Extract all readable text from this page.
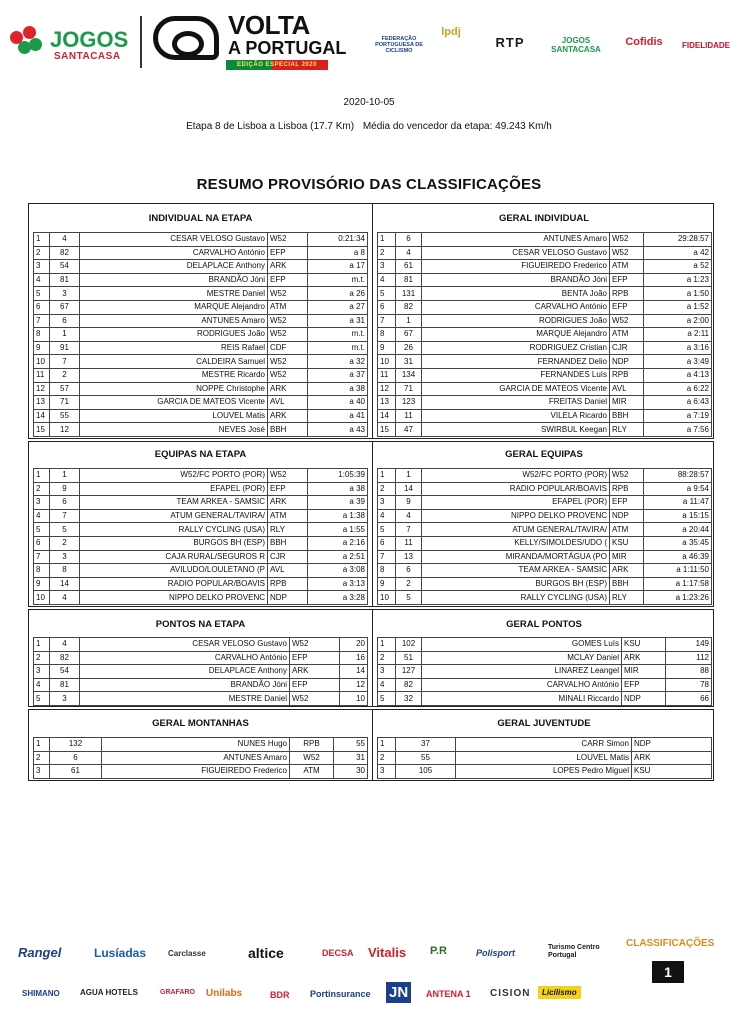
JOGOS
SANTACASA
VOLTA
A PORTUGAL
EDIÇÃO ESPECIAL 2020
FEDERAÇÃO PORTUGUESA DE CICLISMO
lpdj
RTP	JOGOS SANTACASA
Cofidis	FIDELIDADE
2020-10-05
Etapa 8 de Lisboa a Lisboa (17.7 Km) Média do vencedor da etapa: 49.243 Km/h
RESUMO PROVISÓRIO DAS CLASSIFICAÇÕES
INDIVIDUAL NA ETAPA
1	4	CESAR VELOSO Gustavo	W52	0:21:34
2	82	CARVALHO António	EFP	a 8
3	54	DELAPLACE Anthony	ARK	a 17
4	81	BRANDÃO Jóni	EFP	m.t.
5	3	MESTRE Daniel	W52	a 26
6	67	MARQUE Alejandro	ATM	a 27
7	6	ANTUNES Amaro	W52	a 31
8	1	RODRIGUES João	W52	m.t.
9	91	REIS Rafael	CDF	m.t.
10	7	CALDEIRA Samuel	W52	a 32
11	2	MESTRE Ricardo	W52	a 37
12	57	NOPPE Christophe	ARK	a 38
13	71	GARCIA DE MATEOS Vicente	AVL	a 40
14	55	LOUVEL Matis	ARK	a 41
15	12	NEVES José	BBH	a 43
GERAL INDIVIDUAL
1	6	ANTUNES Amaro	W52	29:28:57
2	4	CESAR VELOSO Gustavo	W52	a 42
3	61	FIGUEIREDO Frederico	ATM	a 52
4	81	BRANDÃO Jóni	EFP	a 1:23
5	131	BENTA João	RPB	a 1:50
6	82	CARVALHO António	EFP	a 1:52
7	1	RODRIGUES João	W52	a 2:00
8	67	MARQUE Alejandro	ATM	a 2:11
9	26	RODRIGUEZ Cristian	CJR	a 3:16
10	31	FERNANDEZ Delio	NDP	a 3:49
11	134	FERNANDES Luís	RPB	a 4:13
12	71	GARCIA DE MATEOS Vicente	AVL	a 6:22
13	123	FREITAS Daniel	MIR	a 6:43
14	11	VILELA Ricardo	BBH	a 7:19
15	47	SWIRBUL Keegan	RLY	a 7:56
EQUIPAS NA ETAPA
1	1	W52/FC PORTO (POR)	W52	1:05:39
2	9	EFAPEL (POR)	EFP	a 38
3	6	TEAM ARKEA - SAMSIC	ARK	a 39
4	7	ATUM GENERAL/TAVIRA/	ATM	a 1:38
5	5	RALLY CYCLING (USA)	RLY	a 1:55
6	2	BURGOS BH (ESP)	BBH	a 2:16
7	3	CAJA RURAL/SEGUROS R	CJR	a 2:51
8	8	AVILUDO/LOULETANO (P	AVL	a 3:08
9	14	RADIO POPULAR/BOAVIS	RPB	a 3:13
10	4	NIPPO DELKO PROVENC	NDP	a 3:28
GERAL EQUIPAS
1	1	W52/FC PORTO (POR)	W52	88:28:57
2	14	RADIO POPULAR/BOAVIS	RPB	a 9:54
3	9	EFAPEL (POR)	EFP	a 11:47
4	4	NIPPO DELKO PROVENC	NDP	a 15:15
5	7	ATUM GENERAL/TAVIRA/	ATM	a 20:44
6	11	KELLY/SIMOLDES/UDO (	KSU	a 35:45
7	13	MIRANDA/MORTÁGUA (PO	MIR	a 46:39
8	6	TEAM ARKEA - SAMSIC	ARK	a 1:11:50
9	2	BURGOS BH (ESP)	BBH	a 1:17:58
10	5	RALLY CYCLING (USA)	RLY	a 1:23:26
PONTOS NA ETAPA
1	4	CESAR VELOSO Gustavo	W52	20
2	82	CARVALHO António	EFP	16
3	54	DELAPLACE Anthony	ARK	14
4	81	BRANDÃO Jóni	EFP	12
5	3	MESTRE Daniel	W52	10
GERAL PONTOS
1	102	GOMES Luís	KSU	149
2	51	MCLAY Daniel	ARK	112
3	127	LINAREZ Leangel	MIR	88
4	82	CARVALHO António	EFP	78
5	32	MINALI Riccardo	NDP	66
GERAL MONTANHAS
1	132	NUNES Hugo	RPB	55
2	6	ANTUNES Amaro	W52	31
3	61	FIGUEIREDO Frederico	ATM	30
GERAL JUVENTUDE
1	37	CARR Simon	NDP
2	55	LOUVEL Matis	ARK
3	105	LOPES Pedro Miguel	KSU
Rangel	Lusíadas	Carclasse	altice	DECSA Vitalis P.R	Polisport
Turismo Centro Portugal
CLASSIFICAÇÕES
1
SHIMANO	AGUA HOTELS	GRAFARO Unilabs	BDR Portinsurance JN	ANTENA 1 CISION	Licilismo
